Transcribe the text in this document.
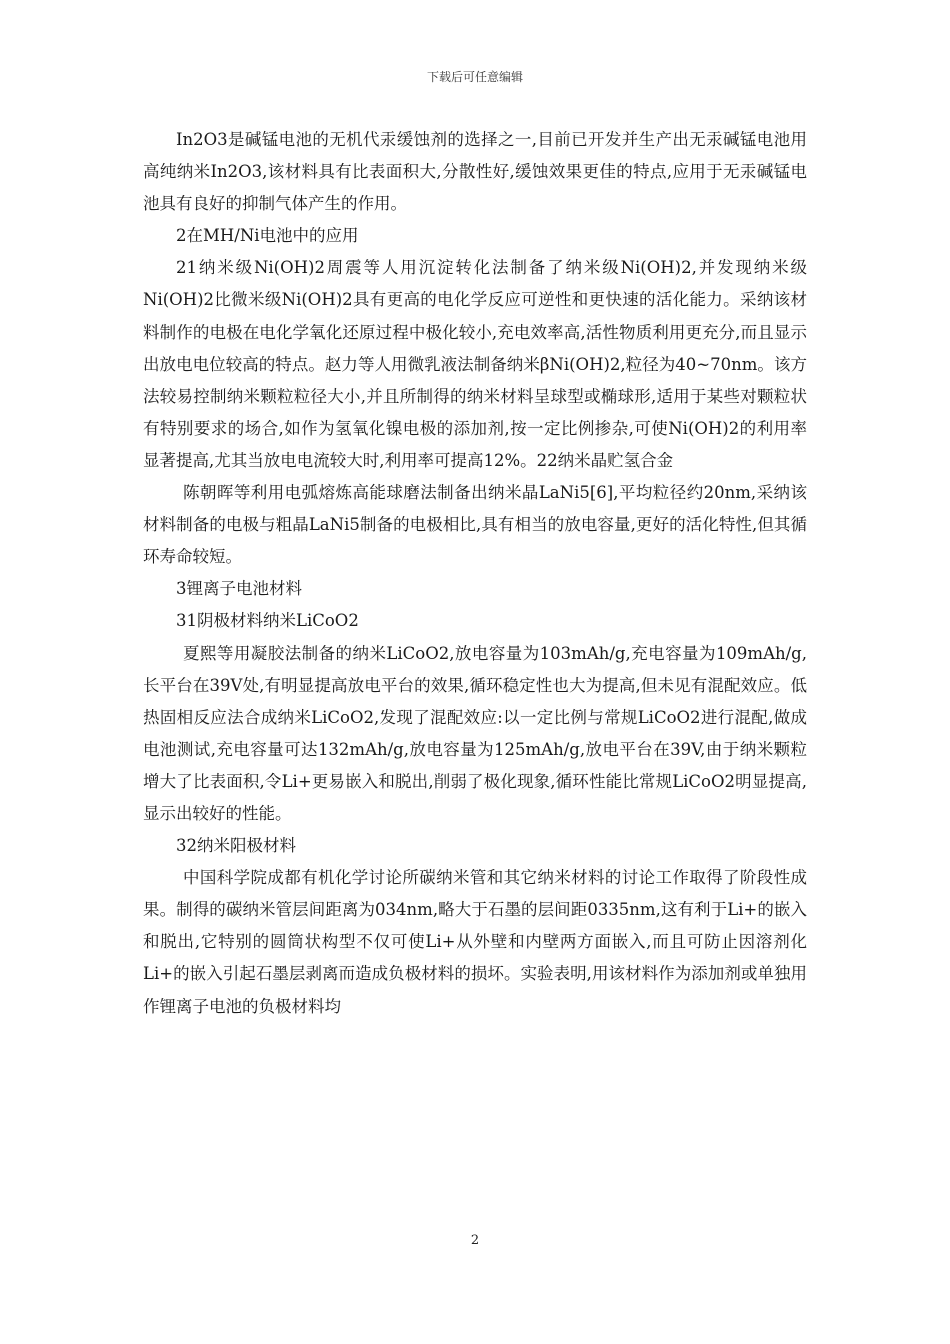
下载后可任意编辑

In2O3是碱锰电池的无机代汞缓蚀剂的选择之一,目前已开发并生产出无汞碱锰电池用高纯纳米In2O3,该材料具有比表面积大,分散性好,缓蚀效果更佳的特点,应用于无汞碱锰电池具有良好的抑制气体产生的作用。

2在MH/Ni电池中的应用

21纳米级Ni(OH)2周震等人用沉淀转化法制备了纳米级Ni(OH)2,并发现纳米级Ni(OH)2比微米级Ni(OH)2具有更高的电化学反应可逆性和更快速的活化能力。采纳该材料制作的电极在电化学氧化还原过程中极化较小,充电效率高,活性物质利用更充分,而且显示出放电电位较高的特点。赵力等人用微乳液法制备纳米βNi(OH)2,粒径为40~70nm。该方法较易控制纳米颗粒粒径大小,并且所制得的纳米材料呈球型或椭球形,适用于某些对颗粒状有特别要求的场合,如作为氢氧化镍电极的添加剂,按一定比例掺杂,可使Ni(OH)2的利用率显著提高,尤其当放电电流较大时,利用率可提高12%。22纳米晶贮氢合金

陈朝晖等利用电弧熔炼高能球磨法制备出纳米晶LaNi5[6],平均粒径约20nm,采纳该材料制备的电极与粗晶LaNi5制备的电极相比,具有相当的放电容量,更好的活化特性,但其循环寿命较短。

3锂离子电池材料

31阴极材料纳米LiCoO2

夏熙等用凝胶法制备的纳米LiCoO2,放电容量为103mAh/g,充电容量为109mAh/g,长平台在39V处,有明显提高放电平台的效果,循环稳定性也大为提高,但未见有混配效应。低热固相反应法合成纳米LiCoO2,发现了混配效应:以一定比例与常规LiCoO2进行混配,做成电池测试,充电容量可达132mAh/g,放电容量为125mAh/g,放电平台在39V,由于纳米颗粒增大了比表面积,令Li+更易嵌入和脱出,削弱了极化现象,循环性能比常规LiCoO2明显提高,显示出较好的性能。

32纳米阳极材料

中国科学院成都有机化学讨论所碳纳米管和其它纳米材料的讨论工作取得了阶段性成果。制得的碳纳米管层间距离为034nm,略大于石墨的层间距0335nm,这有利于Li+的嵌入和脱出,它特别的圆筒状构型不仅可使Li+从外壁和内壁两方面嵌入,而且可防止因溶剂化Li+的嵌入引起石墨层剥离而造成负极材料的损坏。实验表明,用该材料作为添加剂或单独用作锂离子电池的负极材料均

2
